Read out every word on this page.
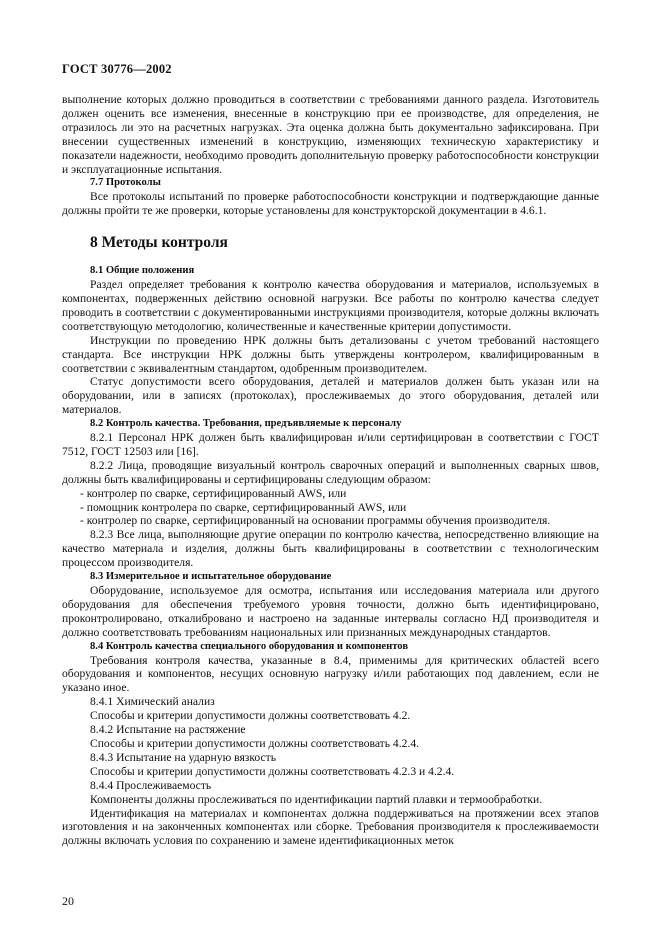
ГОСТ 30776—2002

выполнение которых должно проводиться в соответствии с требованиями данного раздела. Изготовитель должен оценить все изменения, внесенные в конструкцию при ее производстве, для определения, не отразилось ли это на расчетных нагрузках. Эта оценка должна быть документально зафиксирована. При внесении существенных изменений в конструкцию, изменяющих техническую характеристику и показатели надежности, необходимо проводить дополнительную проверку работоспособности конструкции и эксплуатационные испытания.

7.7 Протоколы

Все протоколы испытаний по проверке работоспособности конструкции и подтверждающие данные должны пройти те же проверки, которые установлены для конструкторской документации в 4.6.1.

8 Методы контроля

8.1 Общие положения

Раздел определяет требования к контролю качества оборудования и материалов, используемых в компонентах, подверженных действию основной нагрузки. Все работы по контролю качества следует проводить в соответствии с документированными инструкциями производителя, которые должны включать соответствующую методологию, количественные и качественные критерии допустимости.

Инструкции по проведению НРК должны быть детализованы с учетом требований настоящего стандарта. Все инструкции НРК должны быть утверждены контролером, квалифицированным в соответствии с эквивалентным стандартом, одобренным производителем.

Статус допустимости всего оборудования, деталей и материалов должен быть указан или на оборудовании, или в записях (протоколах), прослеживаемых до этого оборудования, деталей или материалов.

8.2 Контроль качества. Требования, предъявляемые к персоналу

8.2.1 Персонал НРК должен быть квалифицирован и/или сертифицирован в соответствии с ГОСТ 7512, ГОСТ 12503 или [16].

8.2.2 Лица, проводящие визуальный контроль сварочных операций и выполненных сварных швов, должны быть квалифицированы и сертифицированы следующим образом:

- контролер по сварке, сертифицированный AWS, или

- помощник контролера по сварке, сертифицированный AWS, или

- контролер по сварке, сертифицированный на основании программы обучения производителя.

8.2.3 Все лица, выполняющие другие операции по контролю качества, непосредственно влияющие на качество материала и изделия, должны быть квалифицированы в соответствии с технологическим процессом производителя.

8.3 Измерительное и испытательное оборудование

Оборудование, используемое для осмотра, испытания или исследования материала или другого оборудования для обеспечения требуемого уровня точности, должно быть идентифицировано, проконтролировано, откалибровано и настроено на заданные интервалы согласно НД производителя и должно соответствовать требованиям национальных или признанных международных стандартов.

8.4 Контроль качества специального оборудования и компонентов

Требования контроля качества, указанные в 8.4, применимы для критических областей всего оборудования и компонентов, несущих основную нагрузку и/или работающих под давлением, если не указано иное.

8.4.1 Химический анализ

Способы и критерии допустимости должны соответствовать 4.2.

8.4.2 Испытание на растяжение

Способы и критерии допустимости должны соответствовать 4.2.4.

8.4.3 Испытание на ударную вязкость

Способы и критерии допустимости должны соответствовать 4.2.3 и 4.2.4.

8.4.4 Прослеживаемость

Компоненты должны прослеживаться по идентификации партий плавки и термообработки.

Идентификация на материалах и компонентах должна поддерживаться на протяжении всех этапов изготовления и на законченных компонентах или сборке. Требования производителя к прослеживаемости должны включать условия по сохранению и замене идентификационных меток

20
